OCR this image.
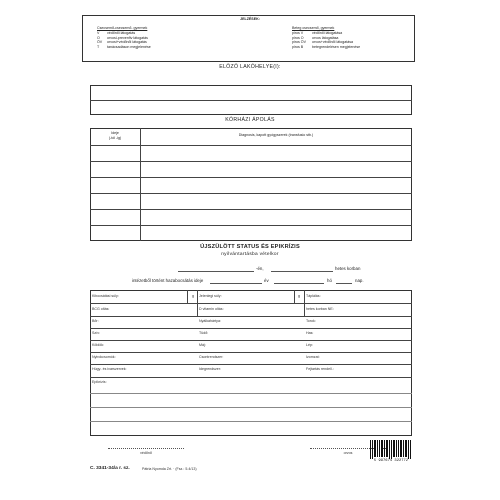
JELZÉSEK:
Csecsemő-csecsemő- gyermek
V védőnői látogatás
O orvosi-prevenfiv látogatás
ÖV orvosi+védőnői látogatás
T tanácsadáson megjelenése
Beteg csecsemő, gyermek
piros V védőnői látogatása
piros O orvos látogatása
piros ÖV orvos+védőnői látogatása
piros B betegrendelésen megjelenése
ELŐZŐ LAKÓHELYE(I):
KÓRHÁZI ÁPOLÁS
Ideje
(-tól -ig)
Diagnosis, kapott gyógyszerek (transfusio stb.)
ÚJSZÜLÖTT STATUS ÉS EPIKRÍZIS
nyilvántartásba vételkor
-én,	hetes korban
intézetből történt hazabocsátás ideje	év	hó	nap.
Kibocsátási súly:	g Jelenlegi súly:	g Táplálás:
BCG oltás:	D vitamin oltás:	hetes korban NE:
Bőr:	Nyálkahártya:	Torok:
Szív:	Tüdő:	Has:
Köldök:	Máj:	Lép:
Nyirokcsomók:	Csontrendszer:	Izomzat:
Húgy- és ivarszervek:	Idegrendszer:	Fejtartás rendell.:
Epikrízis:
védőnő	orvos
C. 3341-34/a r. sz.	Pátria Nyomda Zrt. · (Fsz.: 5.4/13)
5 997674 322772
